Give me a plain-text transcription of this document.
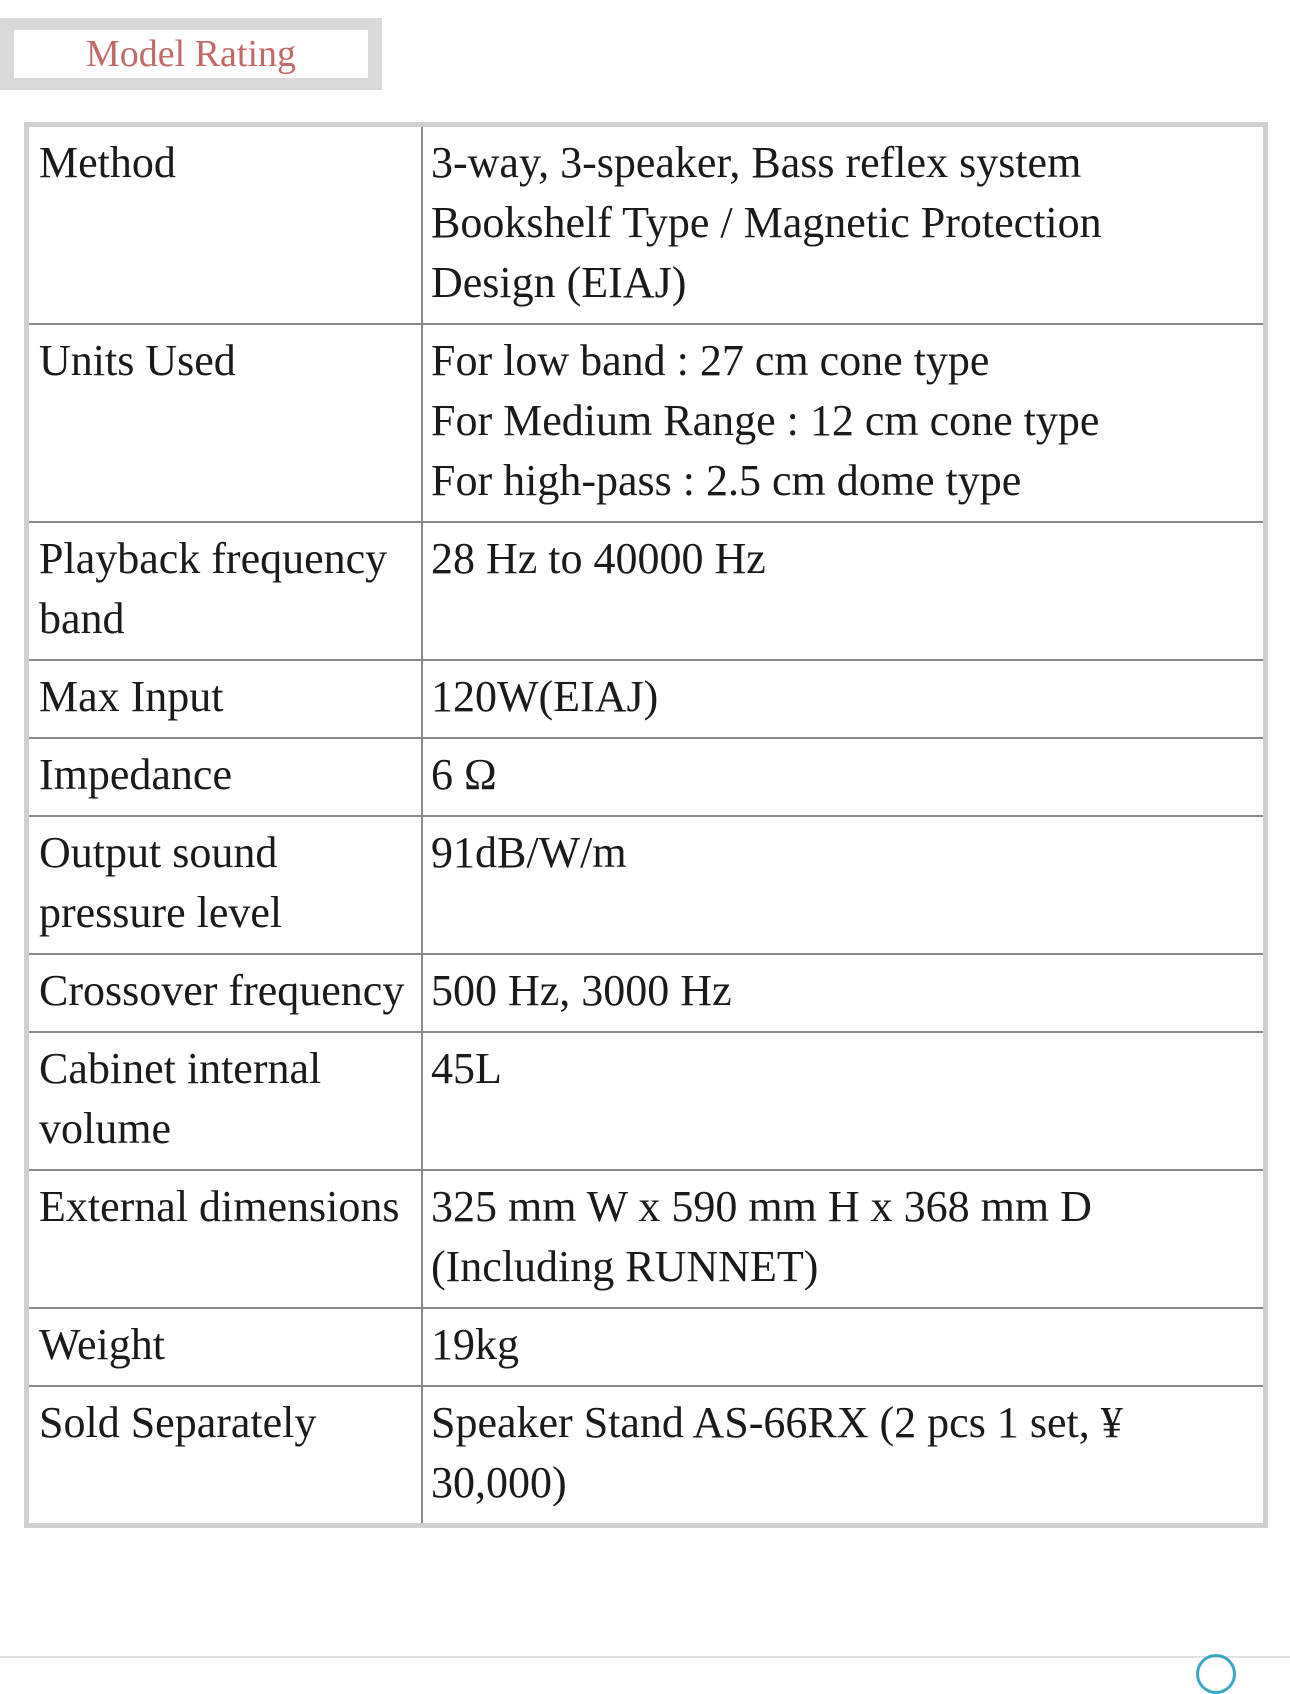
Model Rating
Method	3-way, 3-speaker, Bass reflex system
Bookshelf Type / Magnetic Protection
Design (EIAJ)

Units Used	For low band : 27 cm cone type
For Medium Range : 12 cm cone type
For high-pass : 2.5 cm dome type

Playback frequency band	28 Hz to 40000 Hz

Max Input	120W(EIAJ)

Impedance	6 Ω

Output sound pressure level	91dB/W/m

Crossover frequency	500 Hz, 3000 Hz

Cabinet internal volume	45L

External dimensions	325 mm W x 590 mm H x 368 mm D
(Including RUNNET)

Weight	19kg

Sold Separately	Speaker Stand AS-66RX (2 pcs 1 set, ¥
30,000)
